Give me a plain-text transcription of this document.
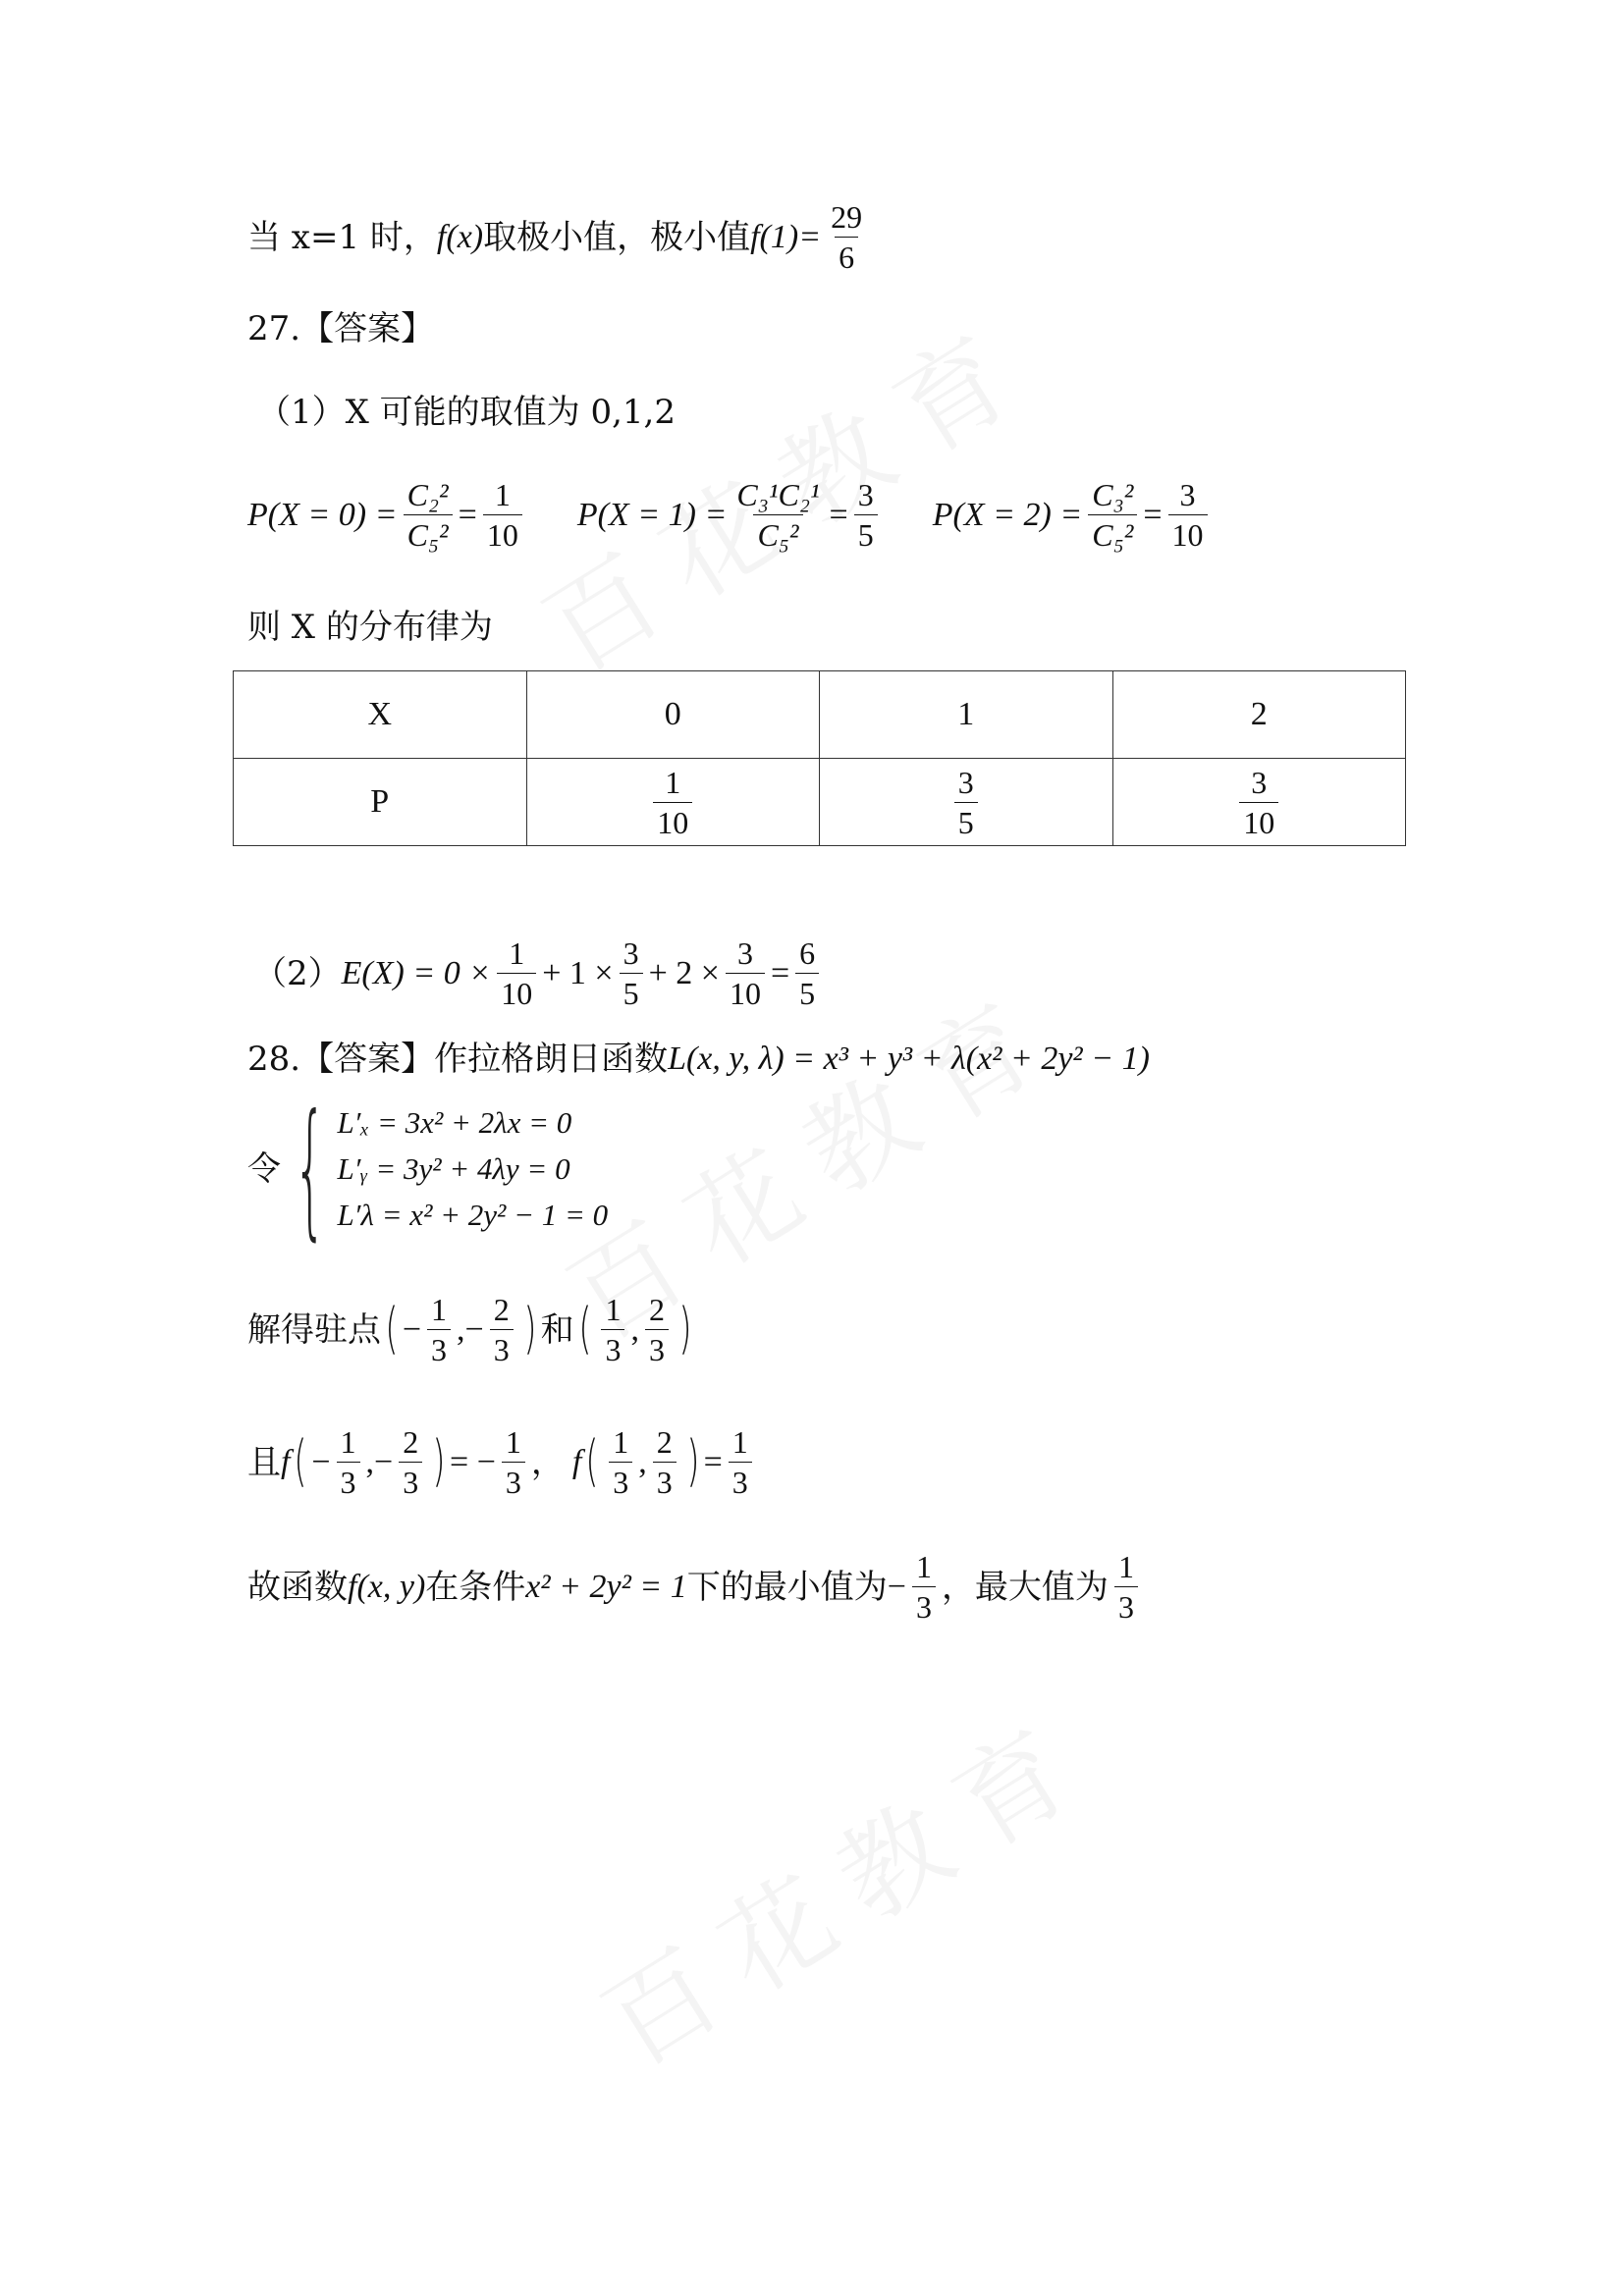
当 x=1 时， f(x) 取极小值，极小值 $f(1)= \frac{29}{6}$
27.【答案】
（1）X 可能的取值为 0,1,2
$P(X = 0) = \frac{\text{C₂²}}{\text{C₅²}} = \frac{1}{10} P(X = 1) = \frac{\text{C₃¹C₂¹}}{\text{C₅²}} = \frac{3}{5} P(X = 2) = \frac{\text{C₃²}}{\text{C₅²}} = \frac{3}{10}$
则 X 的分布律为
X	0	1	2
P	$\frac{1}{10}$	$\frac{3}{5}$	$\frac{3}{10}$
（2） $E(X) = 0 \times \frac{1}{10} + 1 \times \frac{3}{5} + 2 \times \frac{3}{10} = \frac{6}{5}$
28.【答案】作拉格朗日函数 L(x, y, λ) = x³ + y³ + λ(x² + 2y² − 1)
令 { L′ₓ = 3x² + 2λx = 0
L′ᵧ = 3y² + 4λy = 0
L′λ = x² + 2y² − 1 = 0
解得驻点 ( − $\frac{1}{3}$ ,− $\frac{2}{3}$ ) 和 ( $\frac{1}{3}$ , $\frac{2}{3}$ )
且 f ( − $\frac{1}{3}$ ,− $\frac{2}{3}$ ) = − $\frac{1}{3}$ ， f ( $\frac{1}{3}$ , $\frac{2}{3}$ ) = $\frac{1}{3}$
故函数 f(x, y) 在条件 x² + 2y² = 1 下的最小值为 − $\frac{1}{3}$ ，最大值为 $\frac{1}{3}$
